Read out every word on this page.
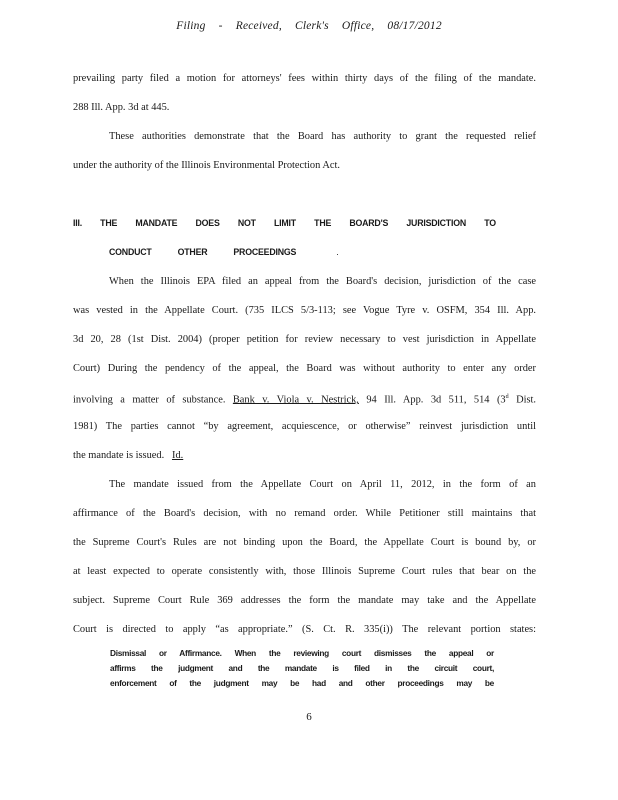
Filing - Received, Clerk's Office, 08/17/2012
prevailing party filed a motion for attorneys' fees within thirty days of the filing of the mandate.
288 Ill. App. 3d at 445.
These authorities demonstrate that the Board has authority to grant the requested relief
under the authority of the Illinois Environmental Protection Act.
III. THE MANDATE DOES NOT LIMIT THE BOARD'S JURISDICTION TO
CONDUCT	OTHER	PROCEEDINGS	.
When the Illinois EPA filed an appeal from the Board's decision, jurisdiction of the case
was vested in the Appellate Court. (735 ILCS 5/3-113; see Vogue Tyre v. OSFM, 354 Ill. App.
3d 20, 28 (1st Dist. 2004) (proper petition for review necessary to vest jurisdiction in Appellate
Court) During the pendency of the appeal, the Board was without authority to enter any order
involving a matter of substance. Bank v. Viola v. Nestrick, 94 Ill. App. 3d 511, 514 (3$^d$ Dist.
1981) The parties cannot “by agreement, acquiescence, or otherwise” reinvest jurisdiction until
the mandate is issued. Id.
The mandate issued from the Appellate Court on April 11, 2012, in the form of an
affirmance of the Board's decision, with no remand order. While Petitioner still maintains that
the Supreme Court's Rules are not binding upon the Board, the Appellate Court is bound by, or
at least expected to operate consistently with, those Illinois Supreme Court rules that bear on the
subject. Supreme Court Rule 369 addresses the form the mandate may take and the Appellate
Court is directed to apply “as appropriate.” (S. Ct. R. 335(i)) The relevant portion states:
Dismissal or Affirmance. When the reviewing court dismisses the appeal or
affirms the judgment and the mandate is filed in the circuit court,
enforcement of the judgment may be had and other proceedings may be
6
